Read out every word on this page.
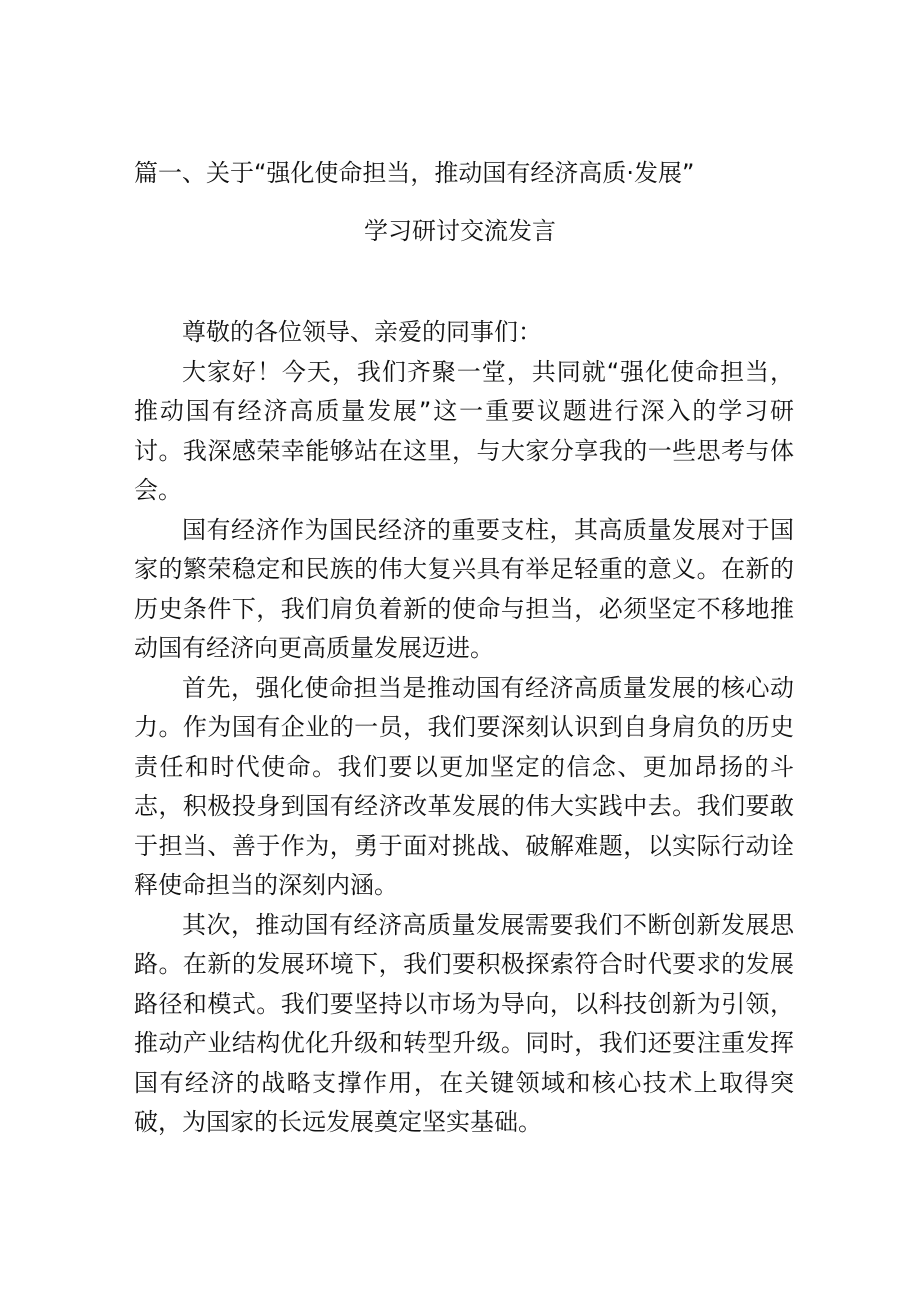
篇一、关于“强化使命担当，推动国有经济高质·发展”
学习研讨交流发言

尊敬的各位领导、亲爱的同事们：

大家好！今天，我们齐聚一堂，共同就“强化使命担当，推动国有经济高质量发展”这一重要议题进行深入的学习研讨。我深感荣幸能够站在这里，与大家分享我的一些思考与体会。

国有经济作为国民经济的重要支柱，其高质量发展对于国家的繁荣稳定和民族的伟大复兴具有举足轻重的意义。在新的历史条件下，我们肩负着新的使命与担当，必须坚定不移地推动国有经济向更高质量发展迈进。

首先，强化使命担当是推动国有经济高质量发展的核心动力。作为国有企业的一员，我们要深刻认识到自身肩负的历史责任和时代使命。我们要以更加坚定的信念、更加昂扬的斗志，积极投身到国有经济改革发展的伟大实践中去。我们要敢于担当、善于作为，勇于面对挑战、破解难题，以实际行动诠释使命担当的深刻内涵。

其次，推动国有经济高质量发展需要我们不断创新发展思路。在新的发展环境下，我们要积极探索符合时代要求的发展路径和模式。我们要坚持以市场为导向，以科技创新为引领，推动产业结构优化升级和转型升级。同时，我们还要注重发挥国有经济的战略支撑作用，在关键领域和核心技术上取得突破，为国家的长远发展奠定坚实基础。
